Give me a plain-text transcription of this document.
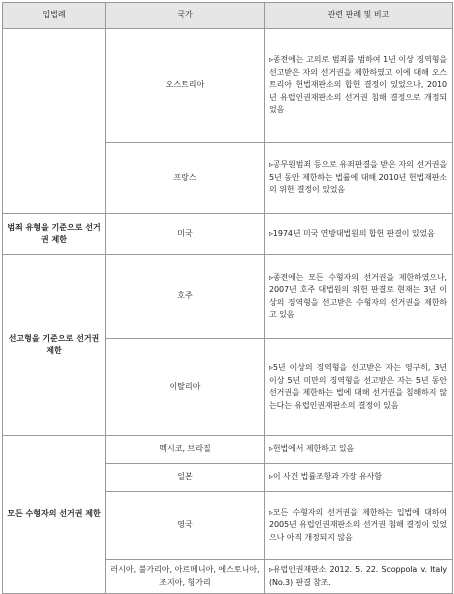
입법례	국가	관련 판례 및 비고
	오스트리아	▹종전에는 고의로 범죄를 범하여 1년 이상 징역형을 선고받은 자의 선거권을 제한하였고 이에 대해 오스트리아 헌법재판소의 합헌 결정이 있었으나, 2010년 유럽인권재판소의 선거권 침해 결정으로 개정되었음
	프랑스	▹공무원범죄 등으로 유죄판결을 받은 자의 선거권을 5년 동안 제한하는 법률에 대해 2010년 헌법재판소의 위헌 결정이 있었음
범죄 유형을 기준으로 선거권 제한	미국	▹1974년 미국 연방대법원의 합헌 판결이 있었음
선고형을 기준으로 선거권 제한	호주	▹종전에는 모든 수형자의 선거권을 제한하였으나, 2007년 호주 대법원의 위헌 판결로 현재는 3년 이상의 징역형을 선고받은 수형자의 선거권을 제한하고 있음
	이탈리아	▹5년 이상의 징역형을 선고받은 자는 영구히, 3년 이상 5년 미만의 징역형을 선고받은 자는 5년 동안 선거권을 제한하는 법에 대해 선거권을 침해하지 않는다는 유럽인권재판소의 결정이 있음
모든 수형자의 선거권 제한	멕시코, 브라질	▹헌법에서 제한하고 있음
	일본	▹이 사건 법률조항과 가장 유사함
	영국	▹모든 수형자의 선거권을 제한하는 입법에 대하여 2005년 유럽인권재판소의 선거권 침해 결정이 있었으나 아직 개정되지 않음
	러시아, 불가리아, 아르메니아, 에스토니아, 조지아, 헝가리	▹유럽인권재판소 2012. 5. 22. Scoppola v. Italy (No.3) 판결 참조.
